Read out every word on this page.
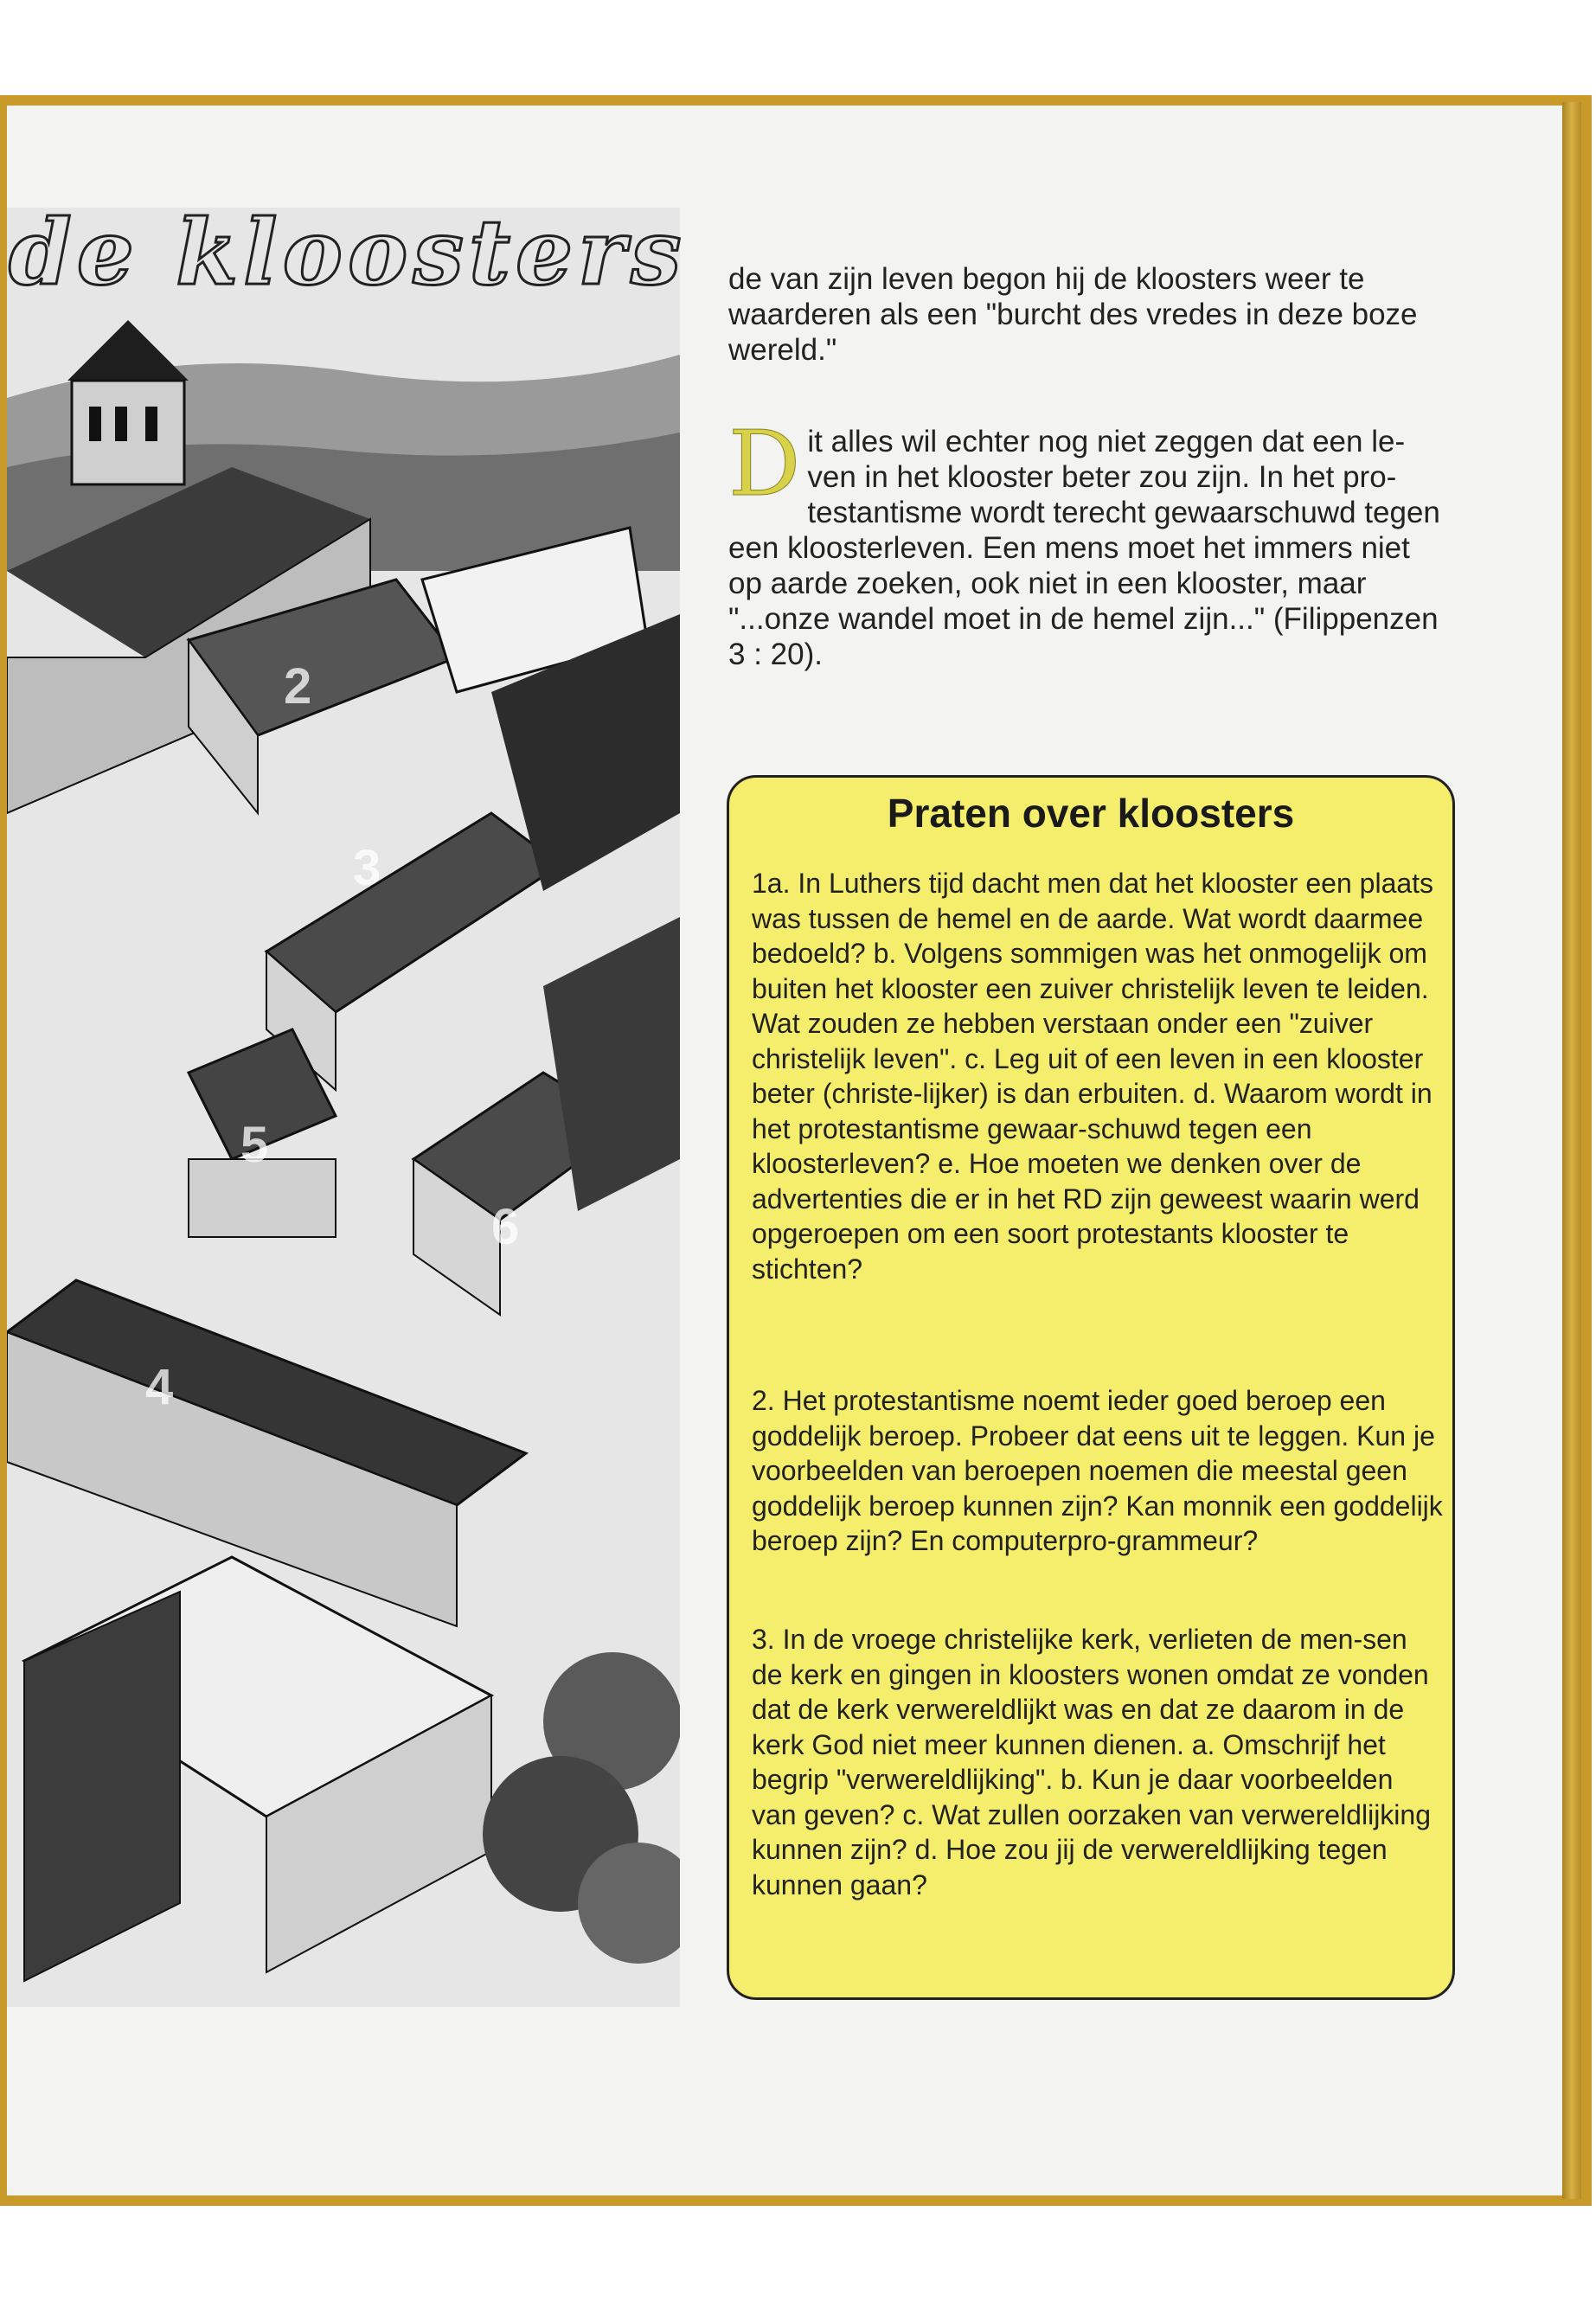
2
3
5
6
4
de kloosters de van zijn leven begon hij de kloosters weer te waarderen als een "burcht des vredes in deze boze wereld."

Dit alles wil echter nog niet zeggen dat een le-ven in het klooster beter zou zijn. In het pro-testantisme wordt terecht gewaarschuwd tegen een kloosterleven. Een mens moet het immers niet op aarde zoeken, ook niet in een klooster, maar "...onze wandel moet in de hemel zijn..." (Filippenzen 3 : 20).

Praten over kloosters

1a. In Luthers tijd dacht men dat het klooster een plaats was tussen de hemel en de aarde. Wat wordt daarmee bedoeld? b. Volgens sommigen was het onmogelijk om buiten het klooster een zuiver christelijk leven te leiden. Wat zouden ze hebben verstaan onder een "zuiver christelijk leven". c. Leg uit of een leven in een klooster beter (christe-lijker) is dan erbuiten. d. Waarom wordt in het protestantisme gewaar-schuwd tegen een kloosterleven? e. Hoe moeten we denken over de advertenties die er in het RD zijn geweest waarin werd opgeroepen om een soort protestants klooster te stichten?

2. Het protestantisme noemt ieder goed beroep een goddelijk beroep. Probeer dat eens uit te leggen. Kun je voorbeelden van beroepen noemen die meestal geen goddelijk beroep kunnen zijn? Kan monnik een goddelijk beroep zijn? En computerpro-grammeur?

3. In de vroege christelijke kerk, verlieten de men-sen de kerk en gingen in kloosters wonen omdat ze vonden dat de kerk verwereldlijkt was en dat ze daarom in de kerk God niet meer kunnen dienen. a. Omschrijf het begrip "verwereldlijking". b. Kun je daar voorbeelden van geven? c. Wat zullen oorzaken van verwereldlijking kunnen zijn? d. Hoe zou jij de verwereldlijking tegen kunnen gaan?
